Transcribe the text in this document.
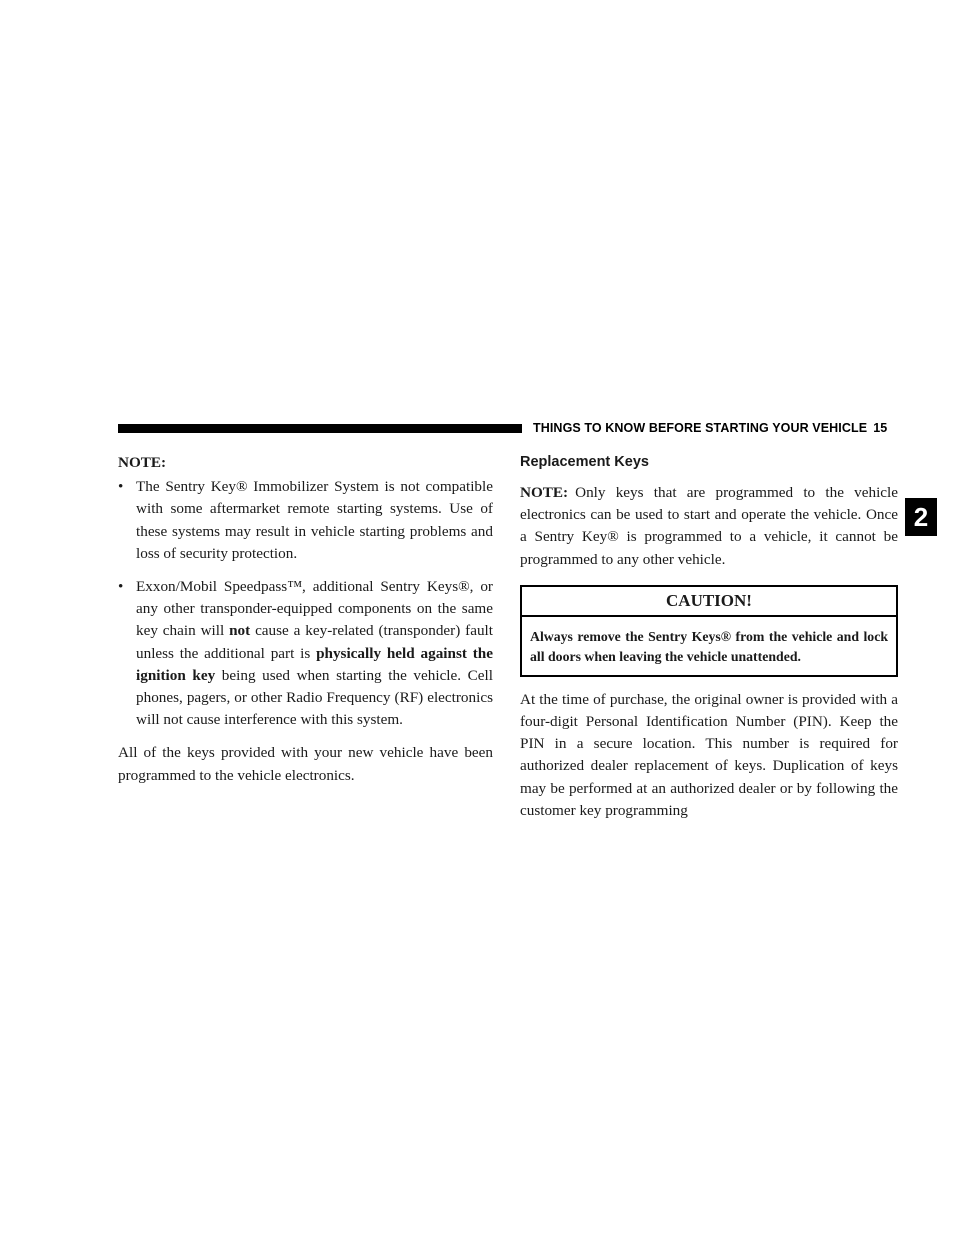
THINGS TO KNOW BEFORE STARTING YOUR VEHICLE 15
2
NOTE:
• The Sentry Key® Immobilizer System is not compatible with some aftermarket remote starting systems. Use of these systems may result in vehicle starting problems and loss of security protection.
• Exxon/Mobil Speedpass™, additional Sentry Keys®, or any other transponder-equipped components on the same key chain will not cause a key-related (transponder) fault unless the additional part is physically held against the ignition key being used when starting the vehicle. Cell phones, pagers, or other Radio Frequency (RF) electronics will not cause interference with this system.

All of the keys provided with your new vehicle have been programmed to the vehicle electronics.

Replacement Keys

NOTE: Only keys that are programmed to the vehicle electronics can be used to start and operate the vehicle. Once a Sentry Key® is programmed to a vehicle, it cannot be programmed to any other vehicle.

CAUTION!
Always remove the Sentry Keys® from the vehicle and lock all doors when leaving the vehicle unattended.

At the time of purchase, the original owner is provided with a four-digit Personal Identification Number (PIN). Keep the PIN in a secure location. This number is required for authorized dealer replacement of keys. Duplication of keys may be performed at an authorized dealer or by following the customer key programming
